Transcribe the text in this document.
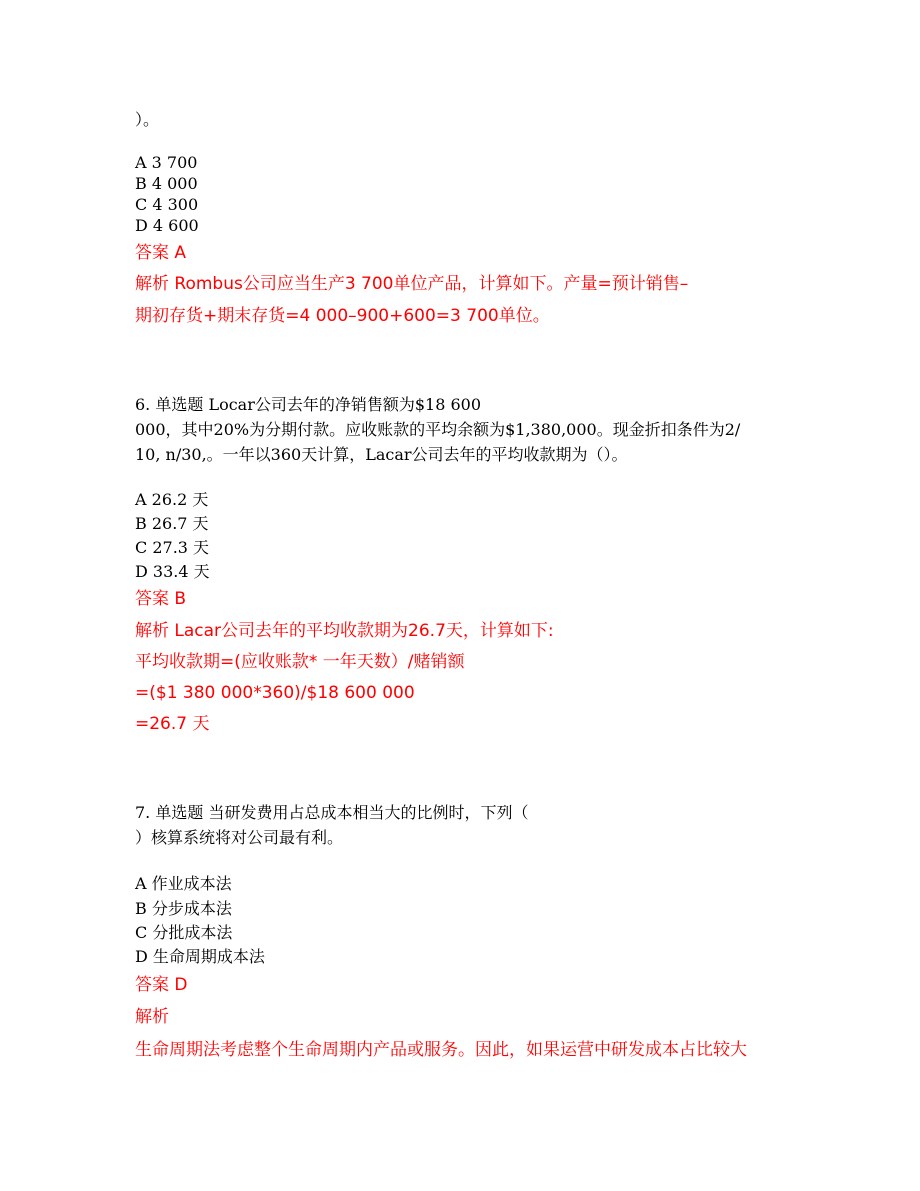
）。

A 3 700

B 4 000

C 4 300

D 4 600

答案 A

解析 Rombus公司应当生产3 700单位产品，计算如下。产量=预计销售–

期初存货+期末存货=4 000–900+600=3 700单位。

6. 单选题 Locar公司去年的净销售额为$18 600

000，其中20%为分期付款。应收账款的平均余额为$1,380,000。现金折扣条件为2/

10, n/30,。一年以360天计算，Lacar公司去年的平均收款期为（）。

A 26.2 天

B 26.7 天

C 27.3 天

D 33.4 天

答案 B

解析 Lacar公司去年的平均收款期为26.7天，计算如下:

平均收款期=(应收账款* 一年天数）/赌销额

=($1 380 000*360)/$18 600 000

=26.7 天

7. 单选题 当研发费用占总成本相当大的比例时，下列（

）核算系统将对公司最有利。

A 作业成本法

B 分步成本法

C 分批成本法

D 生命周期成本法

答案 D

解析

生命周期法考虑整个生命周期内产品或服务。因此，如果运营中研发成本占比较大
